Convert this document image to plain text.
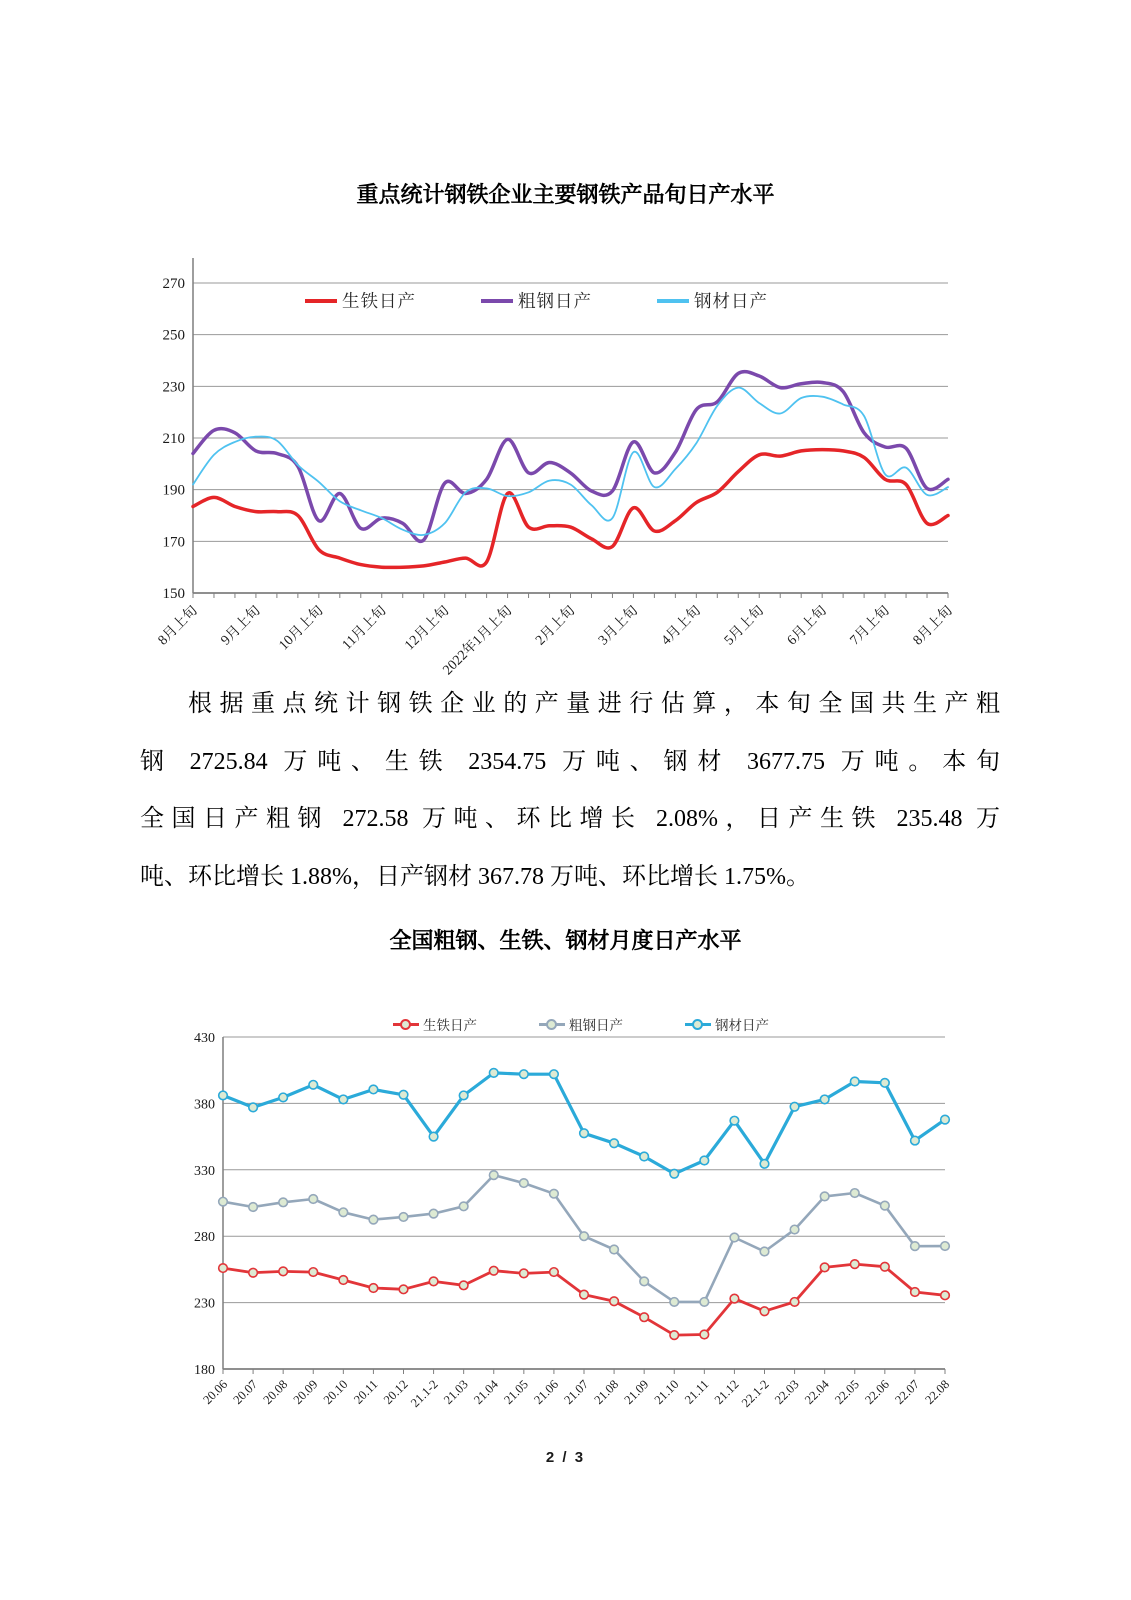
重点统计钢铁企业主要钢铁产品旬日产水平
150
170
190
210
230
250
270
8月上旬 9月上旬 10月上旬 11月上旬 12月上旬
2022年1月上旬 2月上旬 3月上旬 4月上旬 5月上旬 6月上旬 7月上旬 8月上旬
生铁日产	粗钢日产	钢材日产
根据重点统计钢铁企业的产量进行估算，本旬全国共生产粗
钢 2725.84 万吨、生铁 2354.75 万吨、钢材 3677.75 万吨。本旬
全国日产粗钢 272.58 万吨、环比增长 2.08%，日产生铁 235.48 万
吨、环比增长 1.88%，日产钢材 367.78 万吨、环比增长 1.75%。
全国粗钢、生铁、钢材月度日产水平
生铁日产	粗钢日产	钢材日产
180
230
280
330
380
430
20.06 20.07 20.08 20.09 20.10 20.11 20.12
21.1-2 21.03 21.04 21.05 21.06 21.07 21.08 21.09 21.10 21.11 21.12
22.1-2 22.03 22.04 22.05 22.06 22.07 22.08
2 / 3
